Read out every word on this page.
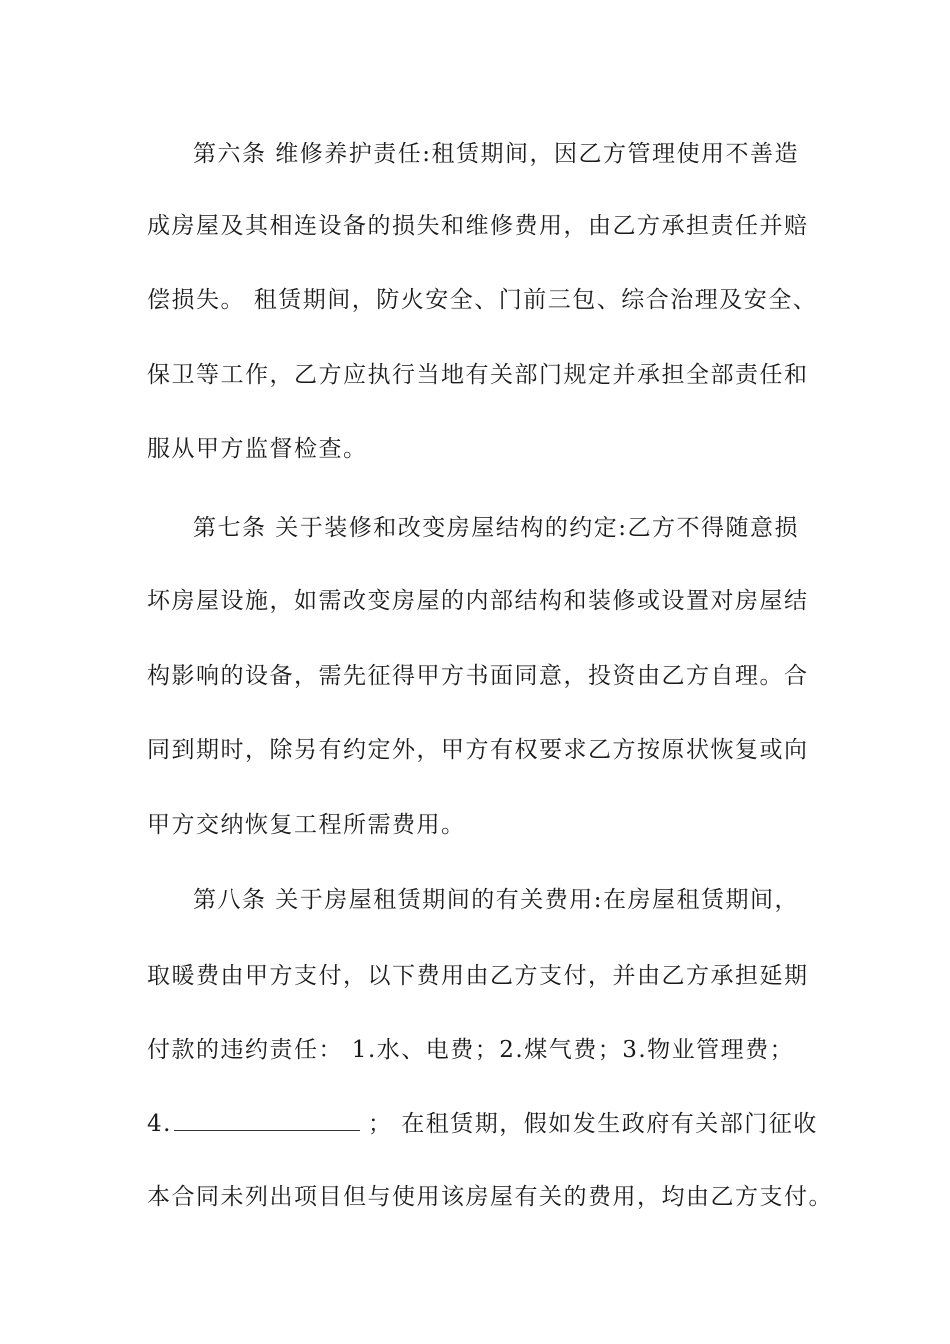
第六条 维修养护责任:租赁期间，因乙方管理使用不善造
成房屋及其相连设备的损失和维修费用，由乙方承担责任并赔
偿损失。 租赁期间，防火安全、门前三包、综合治理及安全、
保卫等工作，乙方应执行当地有关部门规定并承担全部责任和
服从甲方监督检查。
第七条 关于装修和改变房屋结构的约定:乙方不得随意损
坏房屋设施，如需改变房屋的内部结构和装修或设置对房屋结
构影响的设备，需先征得甲方书面同意，投资由乙方自理。合
同到期时，除另有约定外，甲方有权要求乙方按原状恢复或向
甲方交纳恢复工程所需费用。
第八条 关于房屋租赁期间的有关费用:在房屋租赁期间，
取暖费由甲方支付，以下费用由乙方支付，并由乙方承担延期
付款的违约责任： 1.水、电费；2.煤气费；3.物业管理费；
4.	； 在租赁期，假如发生政府有关部门征收
本合同未列出项目但与使用该房屋有关的费用，均由乙方支付。
